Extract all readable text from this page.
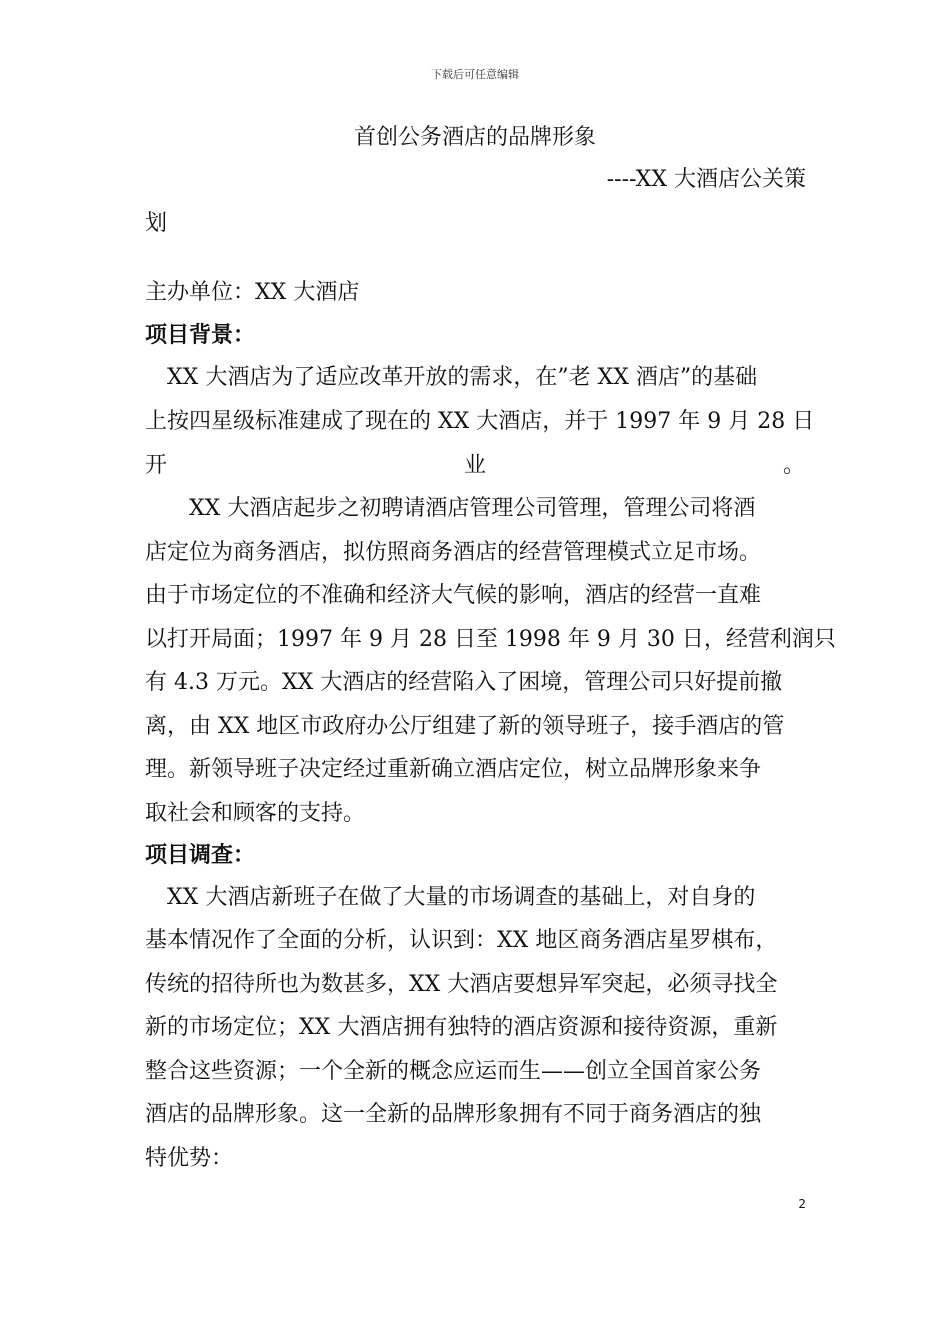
下载后可任意编辑
首创公务酒店的品牌形象
----XX 大酒店公关策
划
主办单位：XX 大酒店
项目背景：
　XX 大酒店为了适应改革开放的需求，在”老 XX 酒店”的基础
上按四星级标准建成了现在的 XX 大酒店，并于 1997 年 9 月 28 日
开	业	。
　　XX 大酒店起步之初聘请酒店管理公司管理，管理公司将酒
店定位为商务酒店，拟仿照商务酒店的经营管理模式立足市场。
由于市场定位的不准确和经济大气候的影响，酒店的经营一直难
以打开局面；1997 年 9 月 28 日至 1998 年 9 月 30 日，经营利润只
有 4.3 万元。XX 大酒店的经营陷入了困境，管理公司只好提前撤
离，由 XX 地区市政府办公厅组建了新的领导班子，接手酒店的管
理。新领导班子决定经过重新确立酒店定位，树立品牌形象来争
取社会和顾客的支持。
项目调查：
　XX 大酒店新班子在做了大量的市场调查的基础上，对自身的
基本情况作了全面的分析，认识到：XX 地区商务酒店星罗棋布，
传统的招待所也为数甚多，XX 大酒店要想异军突起，必须寻找全
新的市场定位；XX 大酒店拥有独特的酒店资源和接待资源，重新
整合这些资源；一个全新的概念应运而生——创立全国首家公务
酒店的品牌形象。这一全新的品牌形象拥有不同于商务酒店的独
特优势：
2
